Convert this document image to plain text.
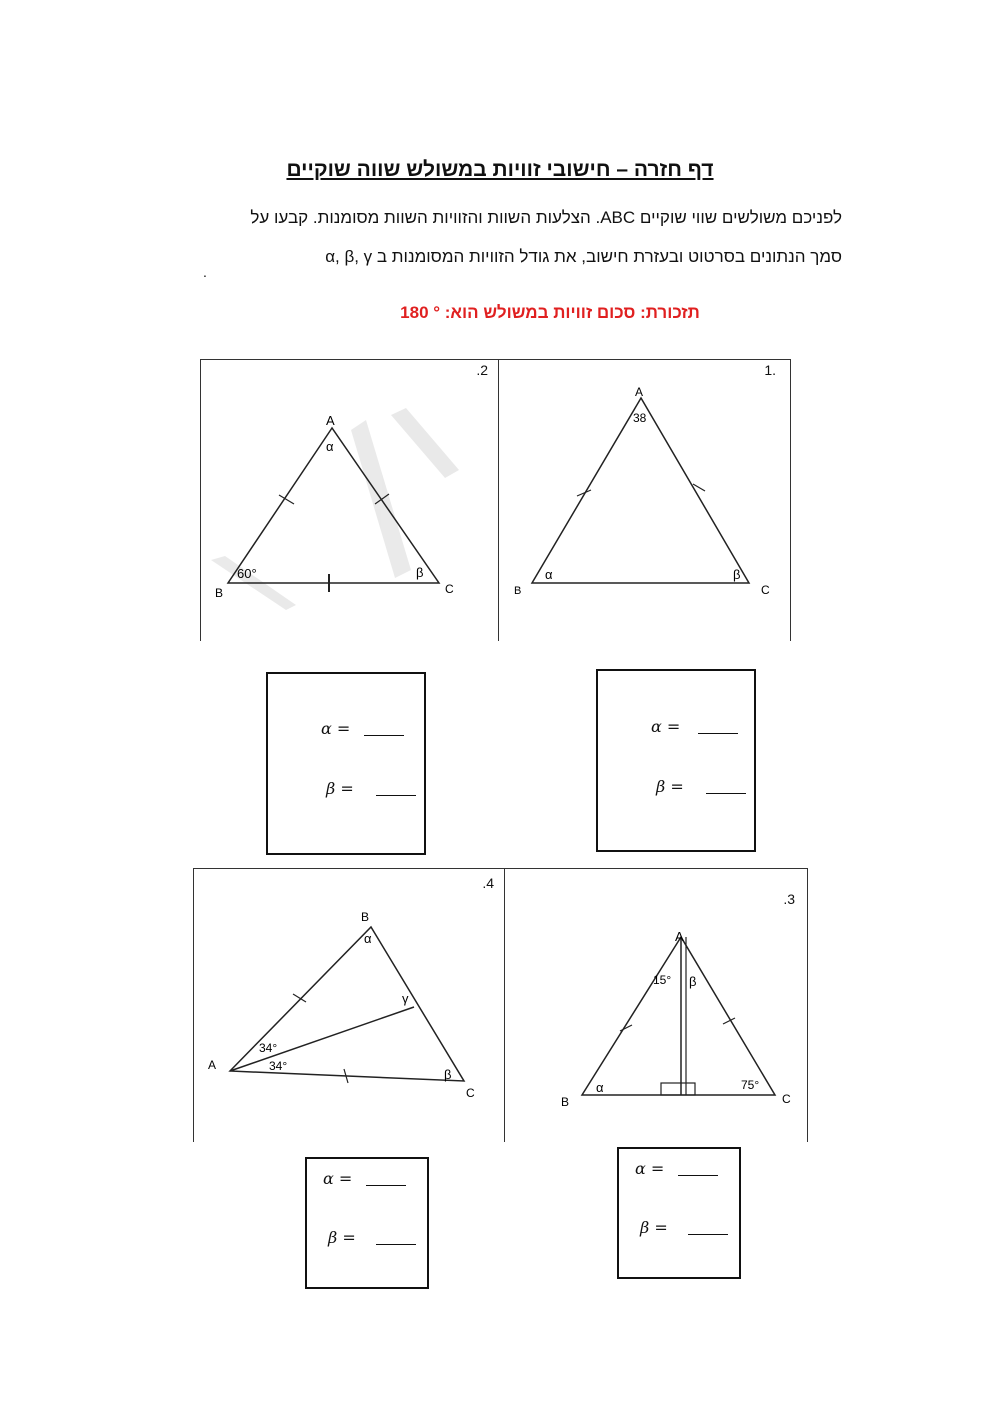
דף חזרה – חישובי זוויות במשולש שווה שוקיים
לפניכם משולשים שווי שוקיים ABC. הצלעות השוות והזוויות השוות מסומנות. קבעו על
סמך הנתונים בסרטוט ובעזרת חישוב, את גודל הזוויות המסומנות ב α, β, γ
.
תזכורת: סכום זוויות במשולש הוא: ° 180
A
α
B	C
60°	β
.2
A
38
B	C
α	β
1.
α =
β =
α =
β =
B
α
A
C
β
γ
34°
34°
.4
A
15° β
B	C
α	75°
.3
α =
β =
α =
β =
